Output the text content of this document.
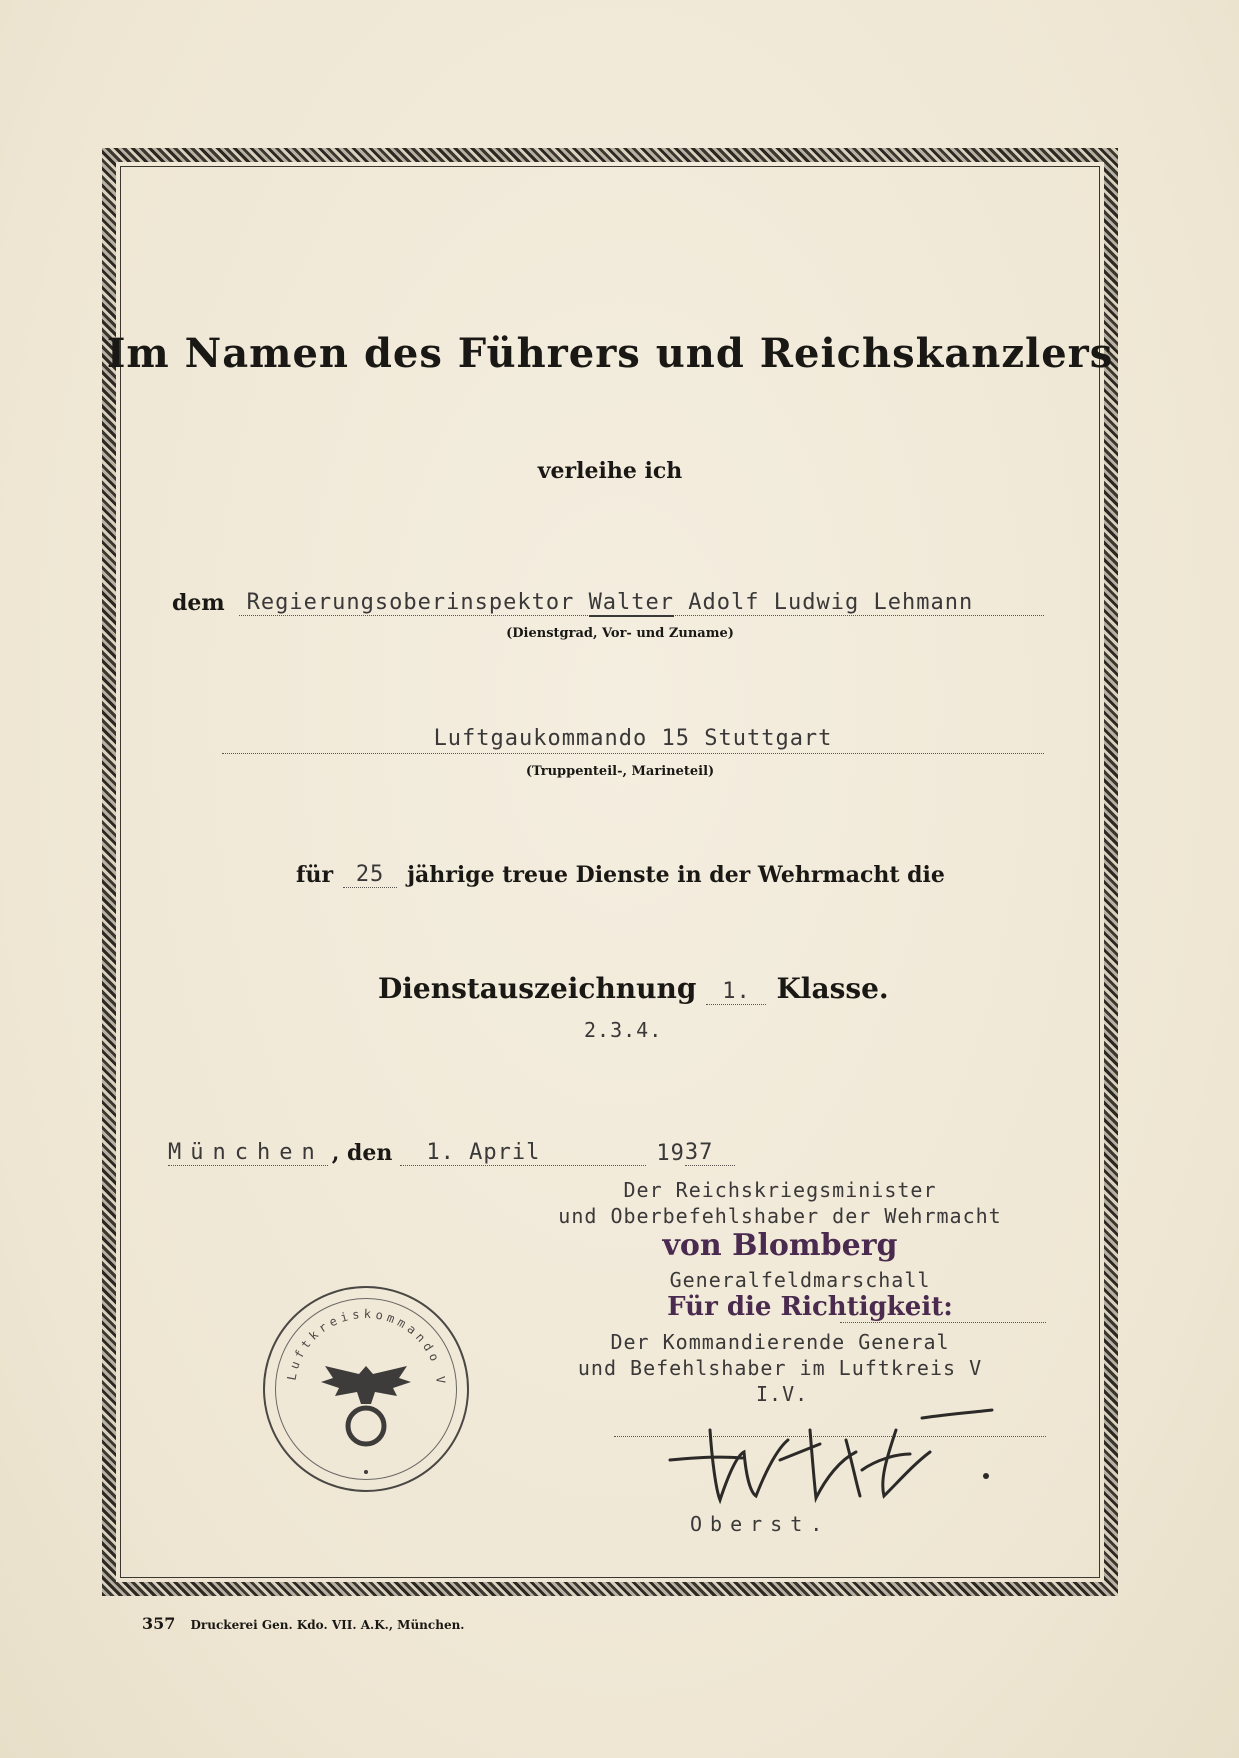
Im Namen des Führers und Reichskanzlers
verleihe ich
dem	Regierungsoberinspektor Walter Adolf Ludwig Lehmann
(Dienstgrad, Vor- und Zuname)
Luftgaukommando 15 Stuttgart
(Truppenteil-, Marineteil)
für	25	jährige treue Dienste in der Wehrmacht die
Dienstauszeichnung	1. Klasse.
2.3.4.
München , den	1. April	19 37
Der Reichskriegsminister
und Oberbefehlshaber der Wehrmacht
von Blomberg
Generalfeldmarschall
Für die Richtigkeit:
Der Kommandierende General
und Befehlshaber im Luftkreis V
I.V.
Oberst.
Luftkreiskommando V
357 Druckerei Gen. Kdo. VII. A.K., München.
